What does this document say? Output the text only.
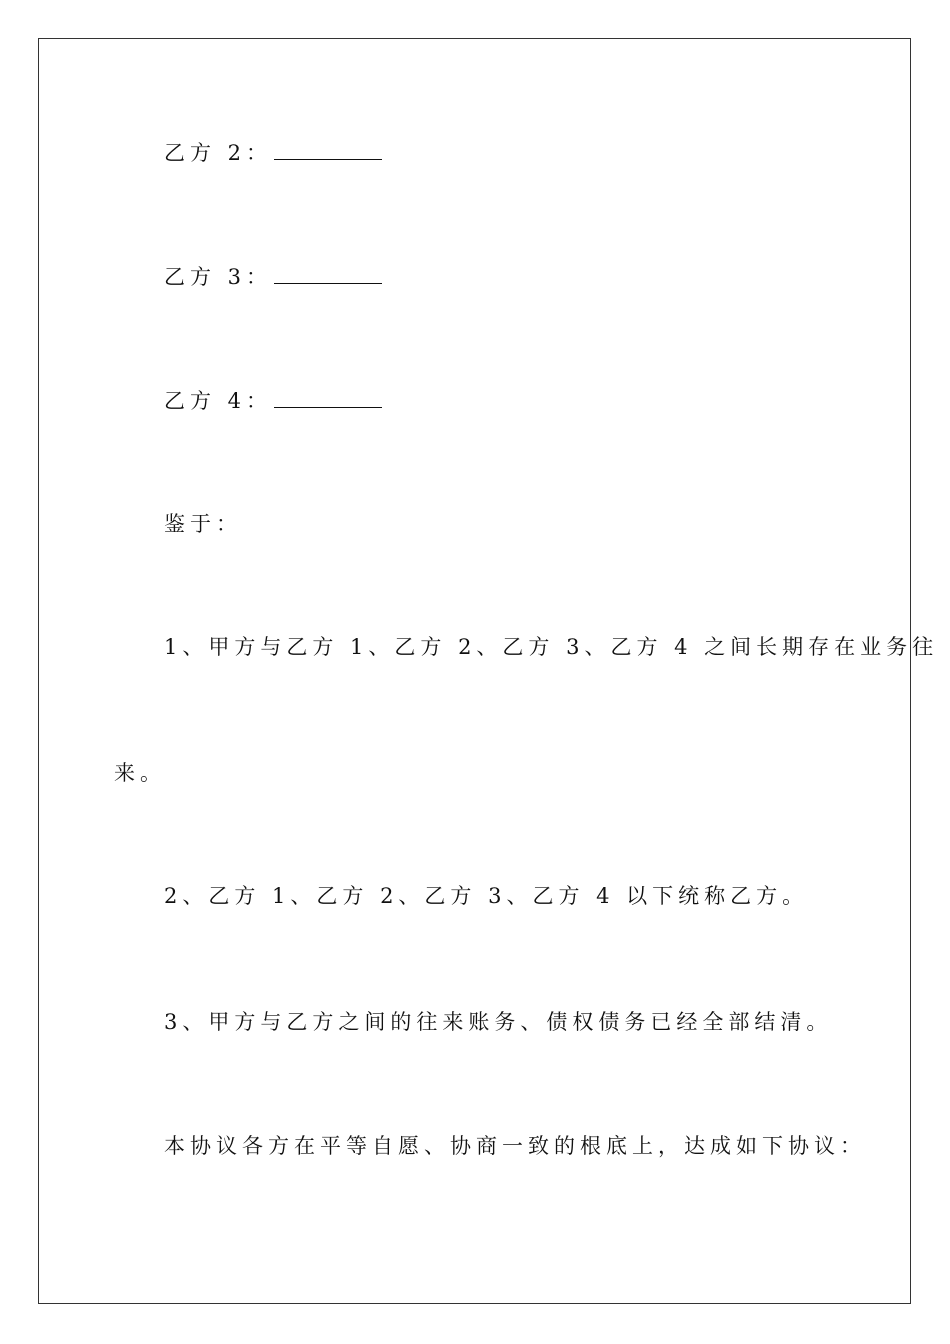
乙方 2：
乙方 3：
乙方 4：
鉴于：
1、甲方与乙方 1、乙方 2、乙方 3、乙方 4 之间长期存在业务往
来。
2、乙方 1、乙方 2、乙方 3、乙方 4 以下统称乙方。
3、甲方与乙方之间的往来账务、债权债务已经全部结清。
本协议各方在平等自愿、协商一致的根底上，达成如下协议：
